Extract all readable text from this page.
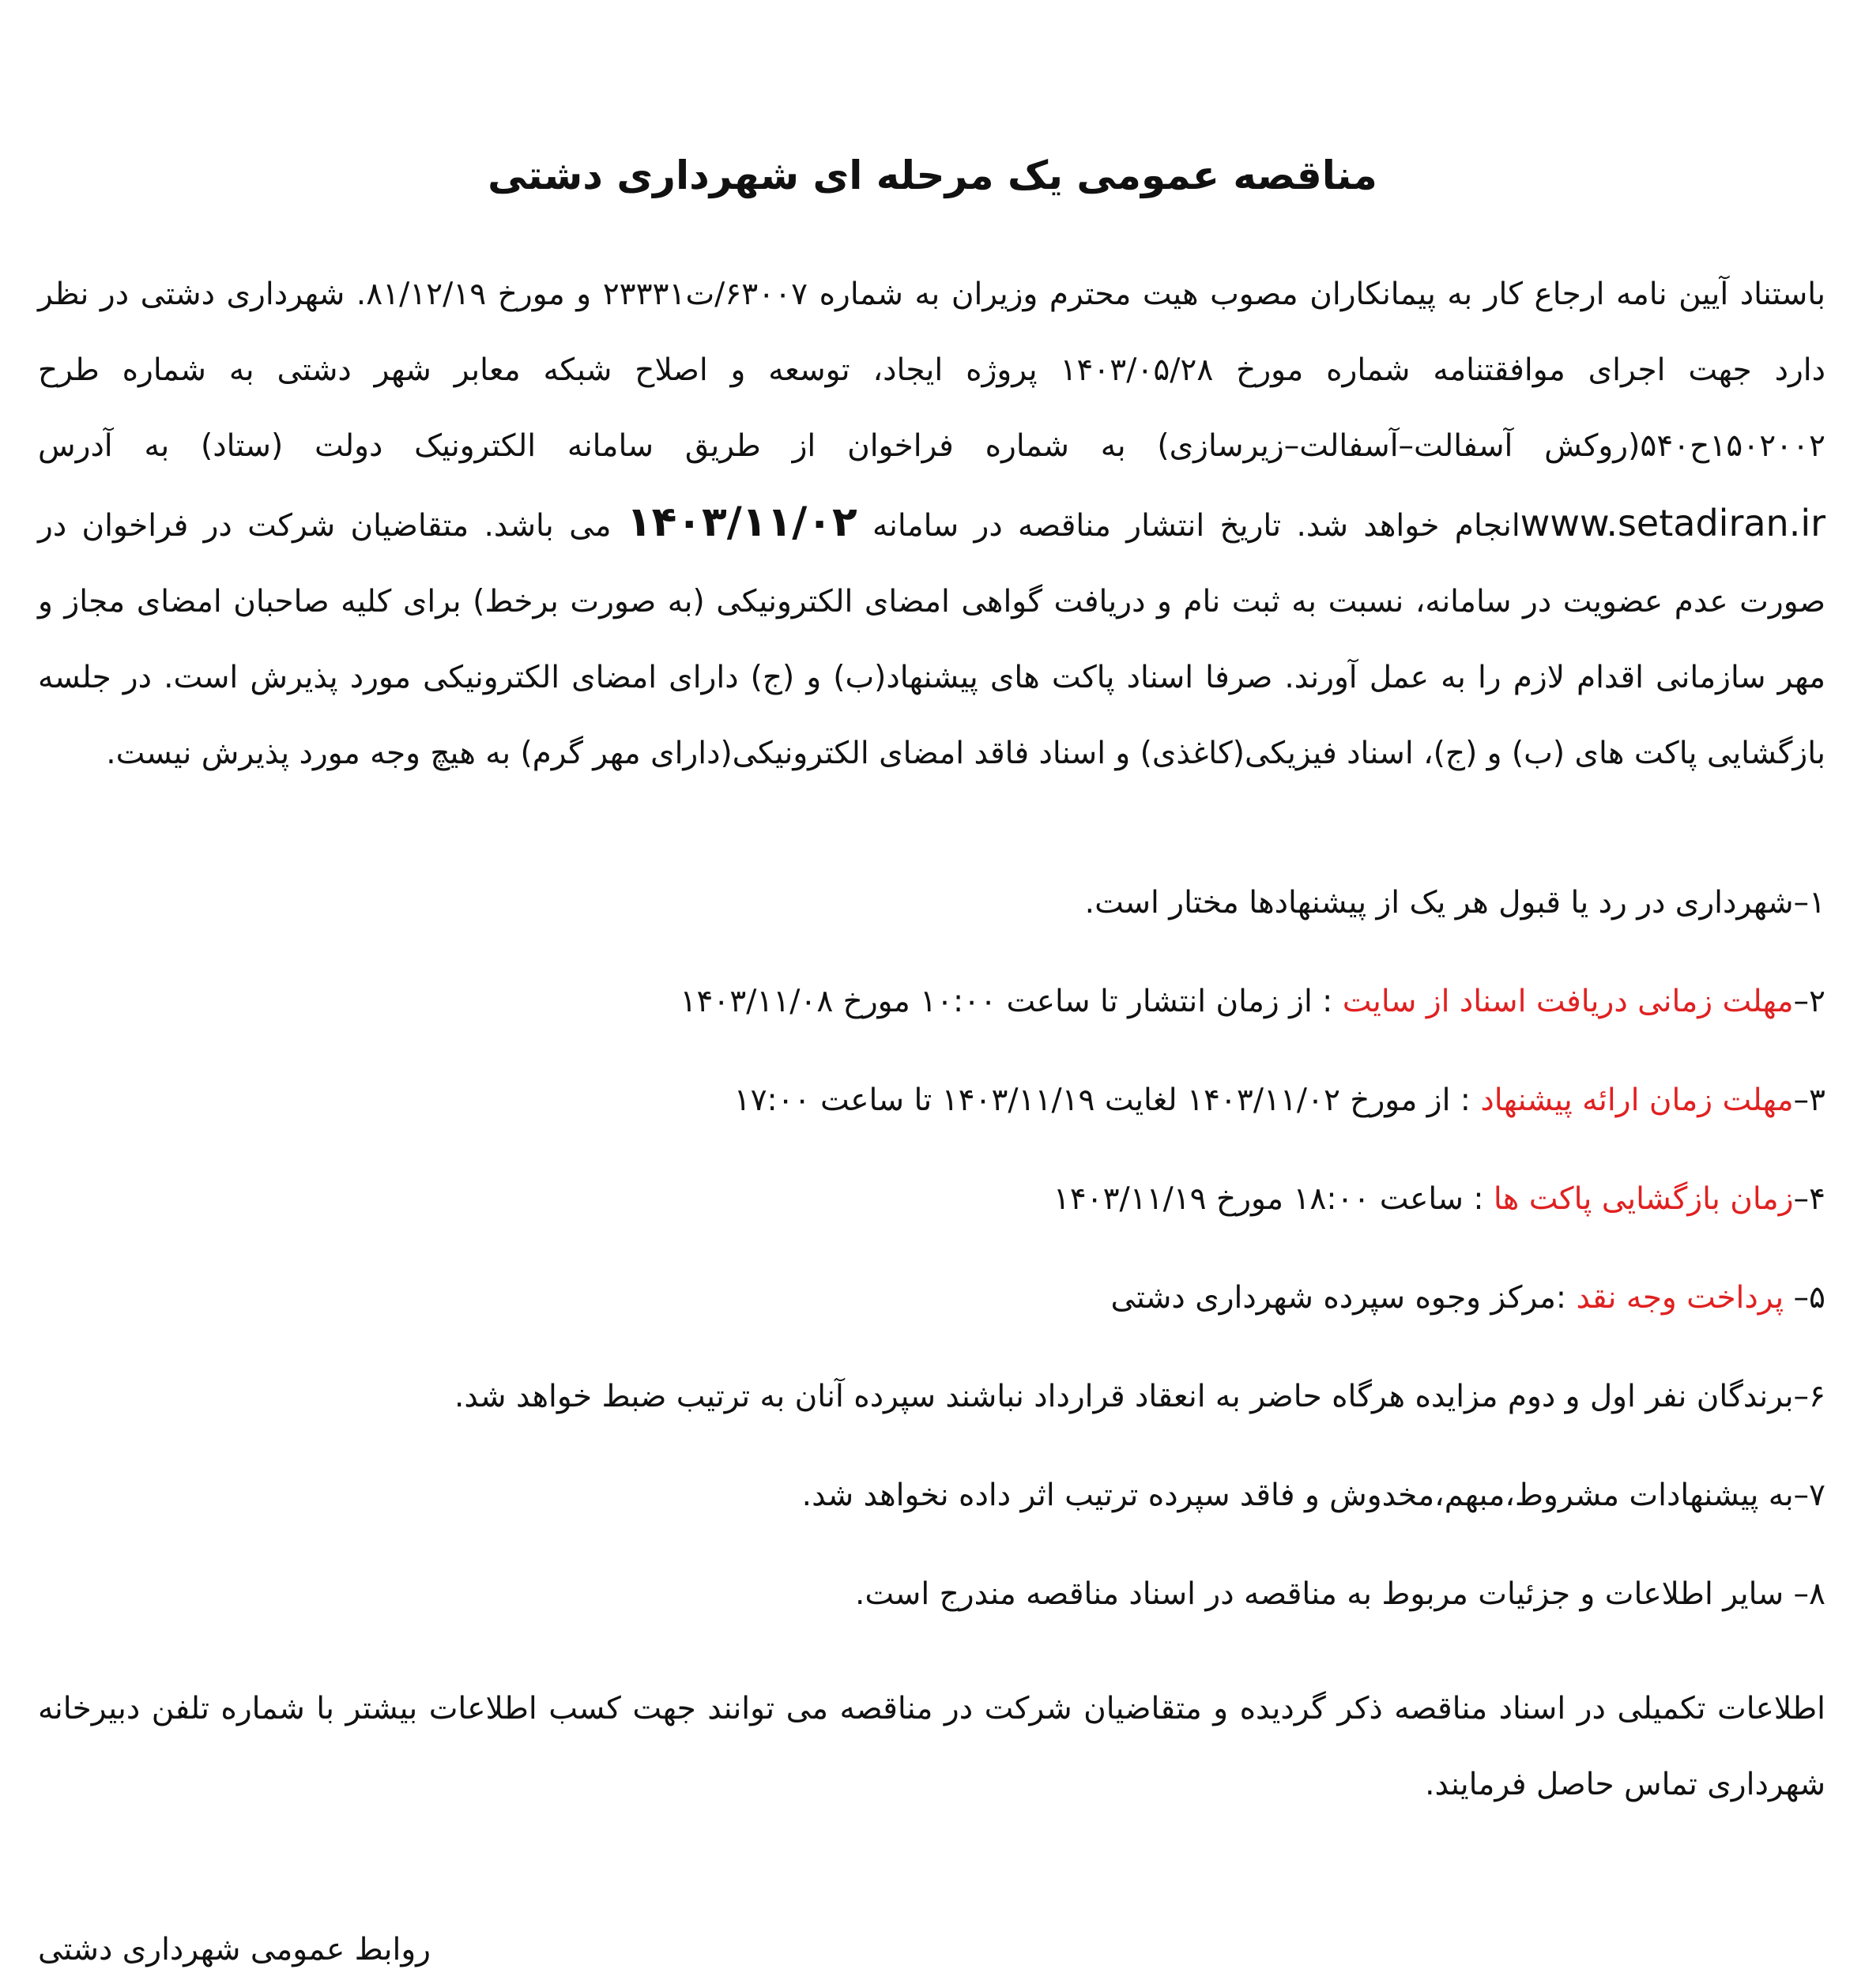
مناقصه عمومی یک مرحله ای شهرداری دشتی

باستناد آیین نامه ارجاع کار به پیمانکاران مصوب هیت محترم وزیران به شماره ۶۳۰۰۷/ت۲۳۳۳۱ و مورخ ۸۱/۱۲/۱۹. شهرداری دشتی در نظر دارد جهت اجرای موافقتنامه شماره مورخ ۱۴۰۳/۰۵/۲۸ پروژه ایجاد، توسعه و اصلاح شبکه معابر شهر دشتی به شماره طرح ۱۵۰۲۰۰۲ح۵۴۰(روکش آسفالت–آسفالت–زیرسازی) به شماره فراخوان از طریق سامانه الکترونیک دولت (ستاد) به آدرس www.setadiran.irانجام خواهد شد. تاریخ انتشار مناقصه در سامانه ۱۴۰۳/۱۱/۰۲ می باشد. متقاضیان شرکت در فراخوان در صورت عدم عضویت در سامانه، نسبت به ثبت نام و دریافت گواهی امضای الکترونیکی (به صورت برخط) برای کلیه صاحبان امضای مجاز و مهر سازمانی اقدام لازم را به عمل آورند. صرفا اسناد پاکت های پیشنهاد(ب) و (ج) دارای امضای الکترونیکی مورد پذیرش است. در جلسه بازگشایی پاکت های (ب) و (ج)، اسناد فیزیکی(کاغذی) و اسناد فاقد امضای الکترونیکی(دارای مهر گرم) به هیچ وجه مورد پذیرش نیست.

۱–شهرداری در رد یا قبول هر یک از پیشنهادها مختار است.
۲–مهلت زمانی دریافت اسناد از سایت : از زمان انتشار تا ساعت ۱۰:۰۰ مورخ ۱۴۰۳/۱۱/۰۸
۳–مهلت زمان ارائه پیشنهاد : از مورخ ۱۴۰۳/۱۱/۰۲ لغایت ۱۴۰۳/۱۱/۱۹ تا ساعت ۱۷:۰۰
۴–زمان بازگشایی پاکت ها : ساعت ۱۸:۰۰ مورخ ۱۴۰۳/۱۱/۱۹
۵– پرداخت وجه نقد :مرکز وجوه سپرده شهرداری دشتی
۶–برندگان نفر اول و دوم مزایده هرگاه حاضر به انعقاد قرارداد نباشند سپرده آنان به ترتیب ضبط خواهد شد.
۷–به پیشنهادات مشروط،مبهم،مخدوش و فاقد سپرده ترتیب اثر داده نخواهد شد.
۸– سایر اطلاعات و جزئیات مربوط به مناقصه در اسناد مناقصه مندرج است.

اطلاعات تکمیلی در اسناد مناقصه ذکر گردیده و متقاضیان شرکت در مناقصه می توانند جهت کسب اطلاعات بیشتر با شماره تلفن دبیرخانه شهرداری تماس حاصل فرمایند.

روابط عمومی شهرداری دشتی
